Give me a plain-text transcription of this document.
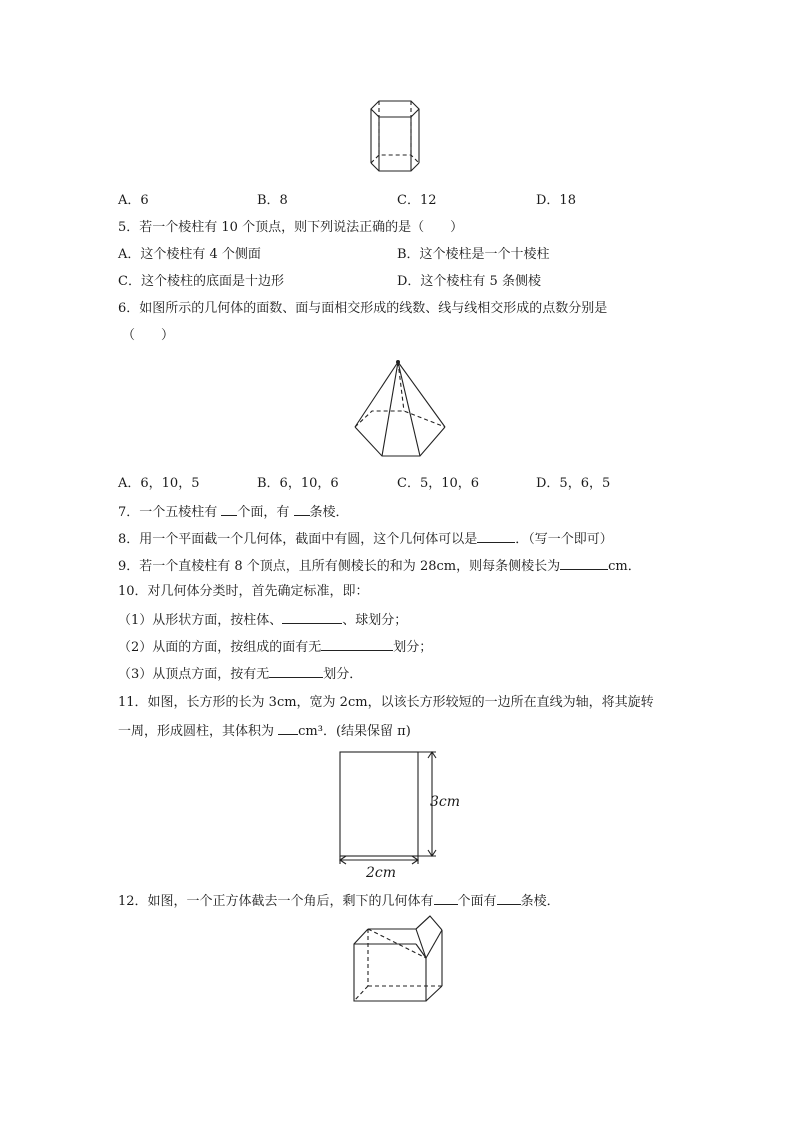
A．6	B．8	C．12	D．18
5．若一个棱柱有 10 个顶点，则下列说法正确的是（　　）
A．这个棱柱有 4 个侧面	B．这个棱柱是一个十棱柱
C．这个棱柱的底面是十边形	D．这个棱柱有 5 条侧棱
6．如图所示的几何体的面数、面与面相交形成的线数、线与线相交形成的点数分别是
（　　）
A．6，10，5	B．6，10，6	C．5，10，6	D．5，6，5
7．一个五棱柱有 个面，有 条棱．
8．用一个平面截一个几何体，截面中有圆，这个几何体可以是	．（写一个即可）
9．若一个直棱柱有 8 个顶点，且所有侧棱长的和为 28cm，则每条侧棱长为	cm．
10．对几何体分类时，首先确定标准，即：
（1）从形状方面，按柱体、	、球划分；
（2）从面的方面，按组成的面有无	划分；
（3）从顶点方面，按有无	划分．
11．如图，长方形的长为 3cm，宽为 2cm，以该长方形较短的一边所在直线为轴，将其旋转
一周，形成圆柱，其体积为 cm³．(结果保留 π)
3cm
2cm
12．如图，一个正方体截去一个角后，剩下的几何体有 个面有 条棱．
